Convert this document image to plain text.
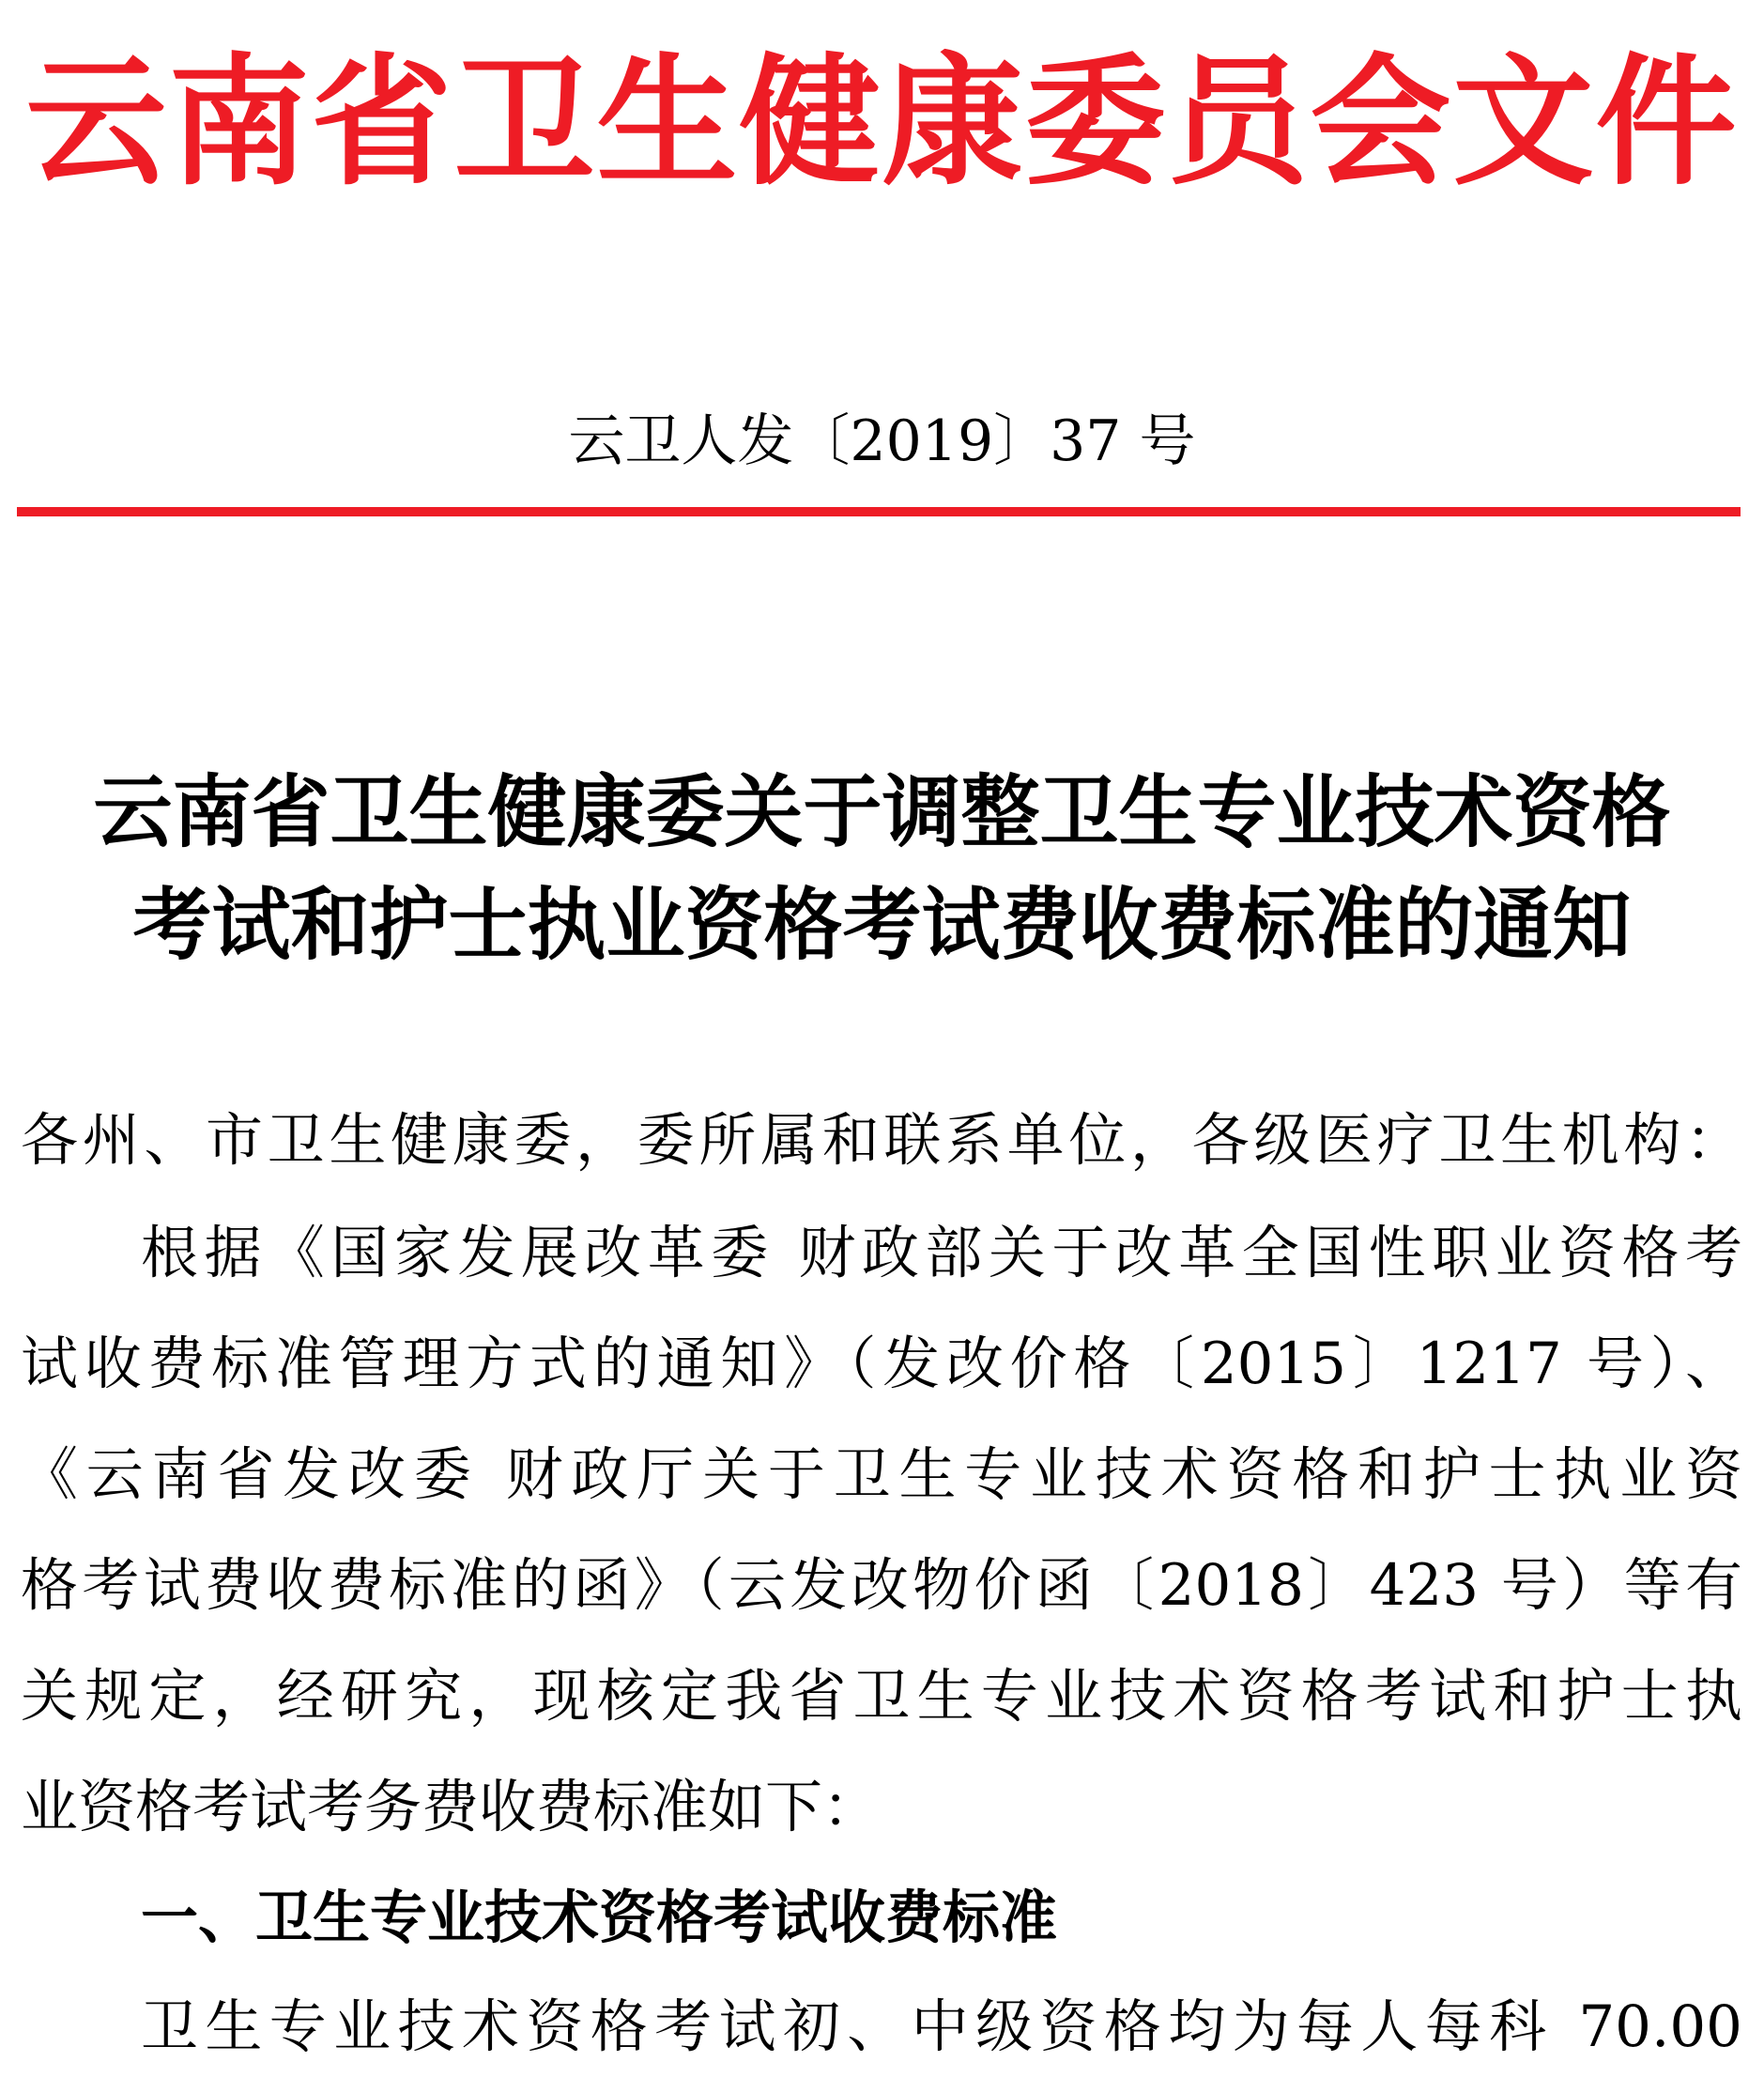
云南省卫生健康委员会文件
云卫人发〔2019〕37 号
云南省卫生健康委关于调整卫生专业技术资格
考试和护士执业资格考试费收费标准的通知
各州、市卫生健康委，委所属和联系单位，各级医疗卫生机构：
根据《国家发展改革委 财政部关于改革全国性职业资格考
试收费标准管理方式的通知》（发改价格〔2015〕1217 号）、
《云南省发改委 财政厅关于卫生专业技术资格和护士执业资
格考试费收费标准的函》（云发改物价函〔2018〕423 号）等有
关规定，经研究，现核定我省卫生专业技术资格考试和护士执
业资格考试考务费收费标准如下：
一、卫生专业技术资格考试收费标准
卫生专业技术资格考试初、中级资格均为每人每科 70.00
